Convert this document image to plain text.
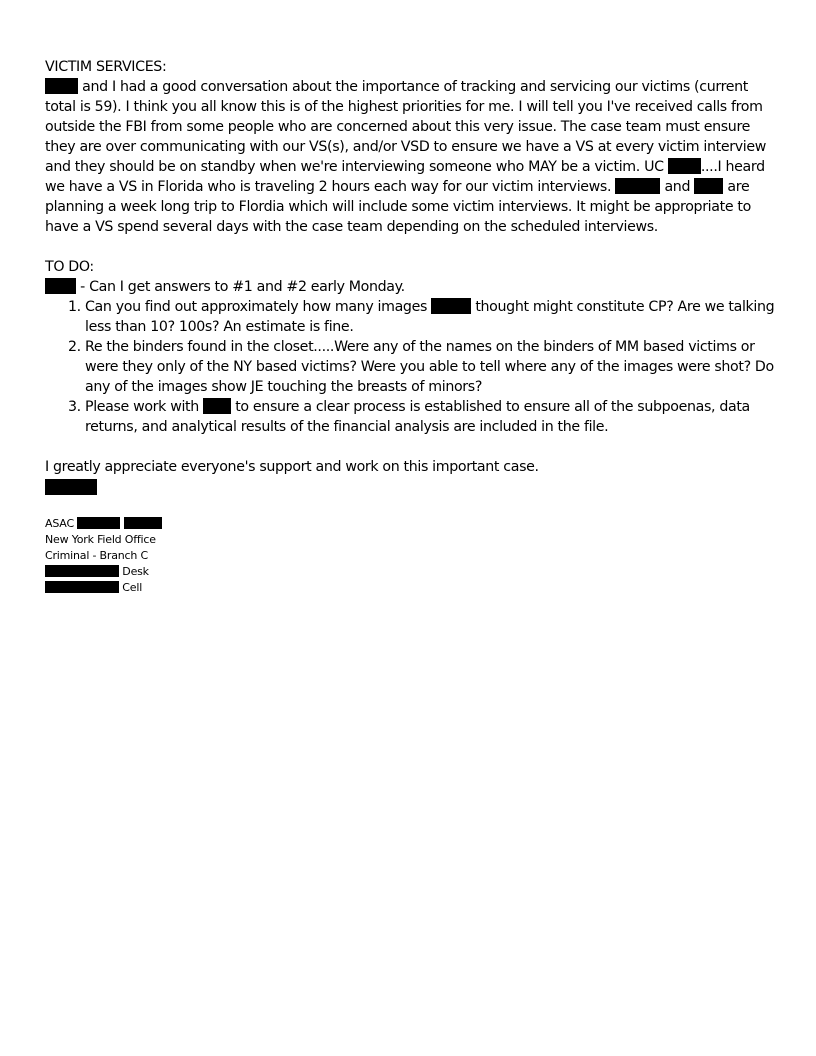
VICTIM SERVICES:

and I had a good conversation about the importance of tracking and servicing our victims (current total is 59). I think you all know this is of the highest priorities for me. I will tell you I've received calls from outside the FBI from some people who are concerned about this very issue. The case team must ensure they are over communicating with our VS(s), and/or VSD to ensure we have a VS at every victim interview and they should be on standby when we're interviewing someone who MAY be a victim. UC ....I heard we have a VS in Florida who is traveling 2 hours each way for our victim interviews.	and  are planning a week long trip to Flordia which will include some victim interviews. It might be appropriate to have a VS spend several days with the case team depending on the scheduled interviews.

TO DO:

- Can I get answers to #1 and #2 early Monday.

1. Can you find out approximately how many images	thought might constitute CP? Are we talking less than 10? 100s? An estimate is fine.
2. Re the binders found in the closet.....Were any of the names on the binders of MM based victims or were they only of the NY based victims? Were you able to tell where any of the images were shot? Do any of the images show JE touching the breasts of minors?
3. Please work with  to ensure a clear process is established to ensure all of the subpoenas, data returns, and analytical results of the financial analysis are included in the file.

I greatly appreciate everyone's support and work on this important case.

ASAC
New York Field Office
Criminal - Branch C
Desk
Cell
